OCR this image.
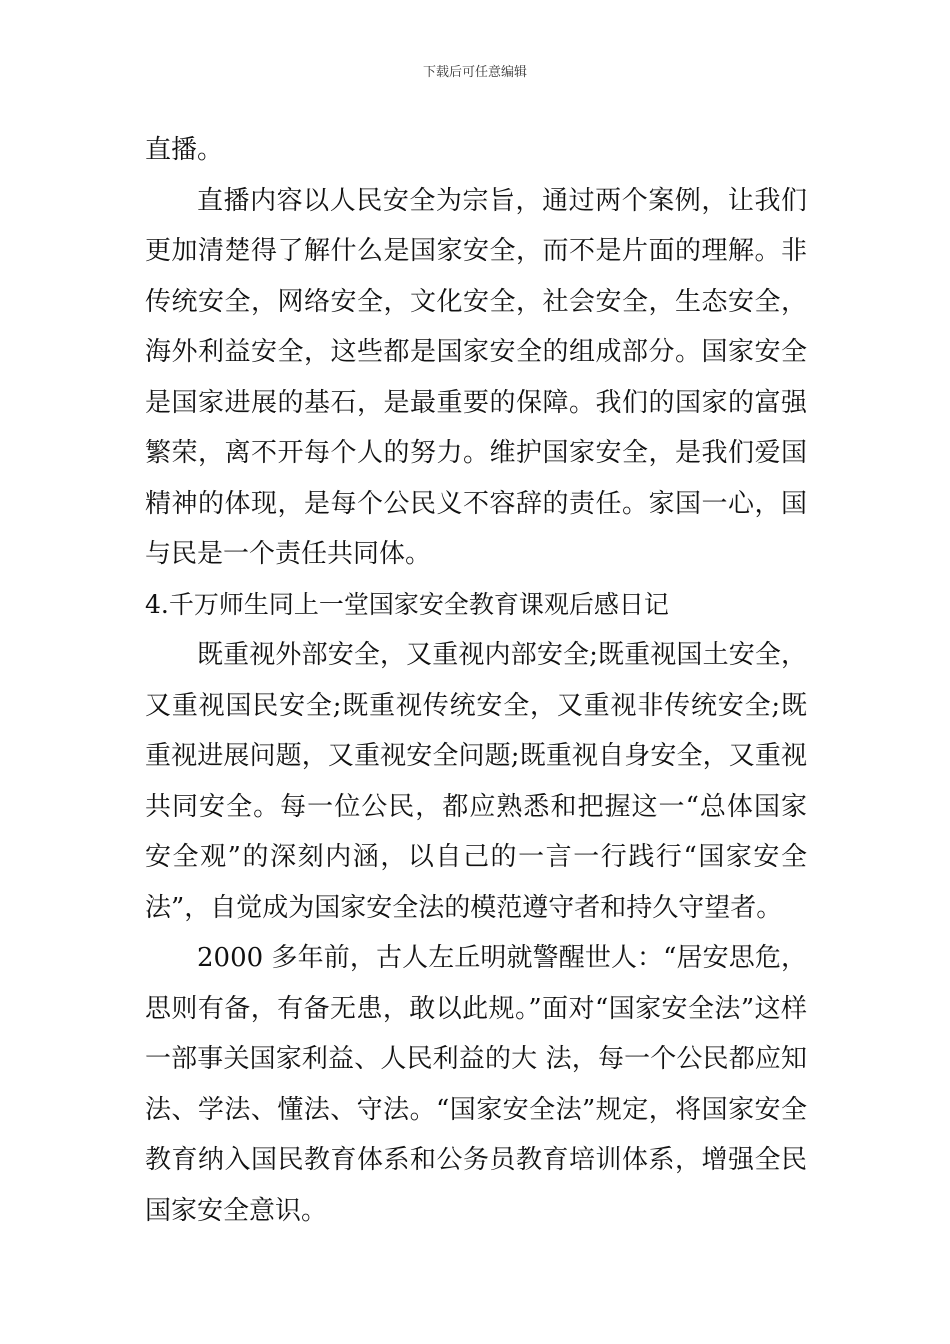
下载后可任意编辑

直播。

直播内容以人民安全为宗旨，通过两个案例，让我们更加清楚得了解什么是国家安全，而不是片面的理解。非传统安全，网络安全，文化安全，社会安全，生态安全，海外利益安全，这些都是国家安全的组成部分。国家安全是国家进展的基石，是最重要的保障。我们的国家的富强繁荣，离不开每个人的努力。维护国家安全，是我们爱国精神的体现，是每个公民义不容辞的责任。家国一心，国与民是一个责任共同体。

4.千万师生同上一堂国家安全教育课观后感日记

既重视外部安全，又重视内部安全;既重视国土安全，又重视国民安全;既重视传统安全，又重视非传统安全;既重视进展问题，又重视安全问题;既重视自身安全，又重视共同安全。每一位公民，都应熟悉和把握这一“总体国家安全观”的深刻内涵，以自己的一言一行践行“国家安全法”，自觉成为国家安全法的模范遵守者和持久守望者。

2000 多年前，古人左丘明就警醒世人：“居安思危，思则有备，有备无患，敢以此规。”面对“国家安全法”这样一部事关国家利益、人民利益的大 法，每一个公民都应知法、学法、懂法、守法。“国家安全法”规定，将国家安全教育纳入国民教育体系和公务员教育培训体系，增强全民国家安全意识。
